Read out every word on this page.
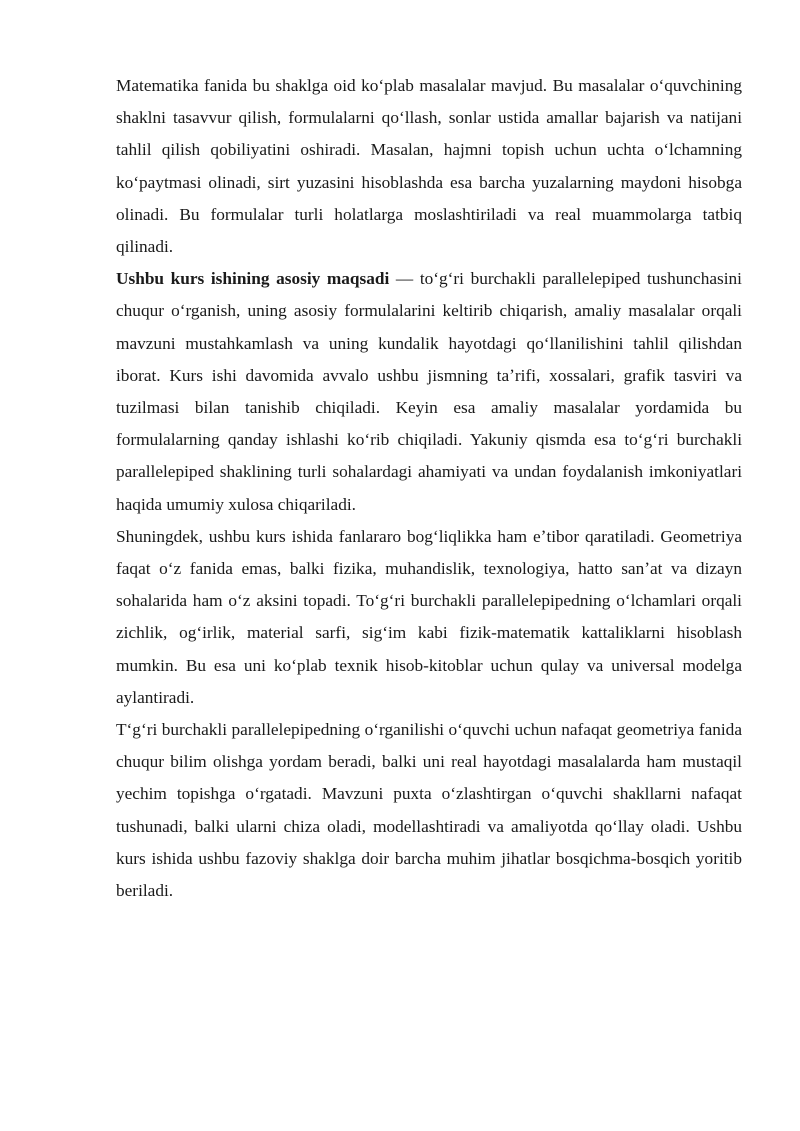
Matematika fanida bu shaklga oid koʻplab masalalar mavjud. Bu masalalar oʻquvchining shaklni tasavvur qilish, formulalarni qoʻllash, sonlar ustida amallar bajarish va natijani tahlil qilish qobiliyatini oshiradi. Masalan, hajmni topish uchun uchta oʻlchamning koʻpaytmasi olinadi, sirt yuzasini hisoblashda esa barcha yuzalarning maydoni hisobga olinadi. Bu formulalar turli holatlarga moslashtiriladi va real muammolarga tatbiq qilinadi.

Ushbu kurs ishining asosiy maqsadi — toʻgʻri burchakli parallelepiped tushunchasini chuqur oʻrganish, uning asosiy formulalarini keltirib chiqarish, amaliy masalalar orqali mavzuni mustahkamlash va uning kundalik hayotdagi qoʻllanilishini tahlil qilishdan iborat. Kurs ishi davomida avvalo ushbu jismning taʼrifi, xossalari, grafik tasviri va tuzilmasi bilan tanishib chiqiladi. Keyin esa amaliy masalalar yordamida bu formulalarning qanday ishlashi koʻrib chiqiladi. Yakuniy qismda esa toʻgʻri burchakli parallelepiped shaklining turli sohalardagi ahamiyati va undan foydalanish imkoniyatlari haqida umumiy xulosa chiqariladi.

Shuningdek, ushbu kurs ishida fanlararo bogʻliqlikka ham eʼtibor qaratiladi. Geometriya faqat oʻz fanida emas, balki fizika, muhandislik, texnologiya, hatto sanʼat va dizayn sohalarida ham oʻz aksini topadi. Toʻgʻri burchakli parallelepipedning oʻlchamlari orqali zichlik, ogʻirlik, material sarfi, sigʻim kabi fizik-matematik kattaliklarni hisoblash mumkin. Bu esa uni koʻplab texnik hisob-kitoblar uchun qulay va universal modelga aylantiradi.

Tʻgʻri burchakli parallelepipedning oʻrganilishi oʻquvchi uchun nafaqat geometriya fanida chuqur bilim olishga yordam beradi, balki uni real hayotdagi masalalarda ham mustaqil yechim topishga oʻrgatadi. Mavzuni puxta oʻzlashtirgan oʻquvchi shakllarni nafaqat tushunadi, balki ularni chiza oladi, modellashtiradi va amaliyotda qoʻllay oladi. Ushbu kurs ishida ushbu fazoviy shaklga doir barcha muhim jihatlar bosqichma-bosqich yoritib beriladi.
